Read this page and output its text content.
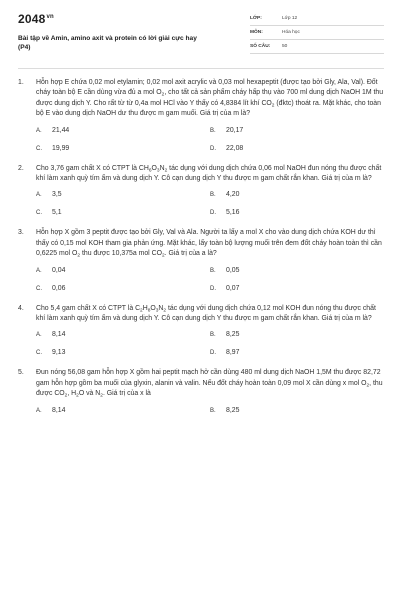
$2048^{vn}$
Bài tập về Amin, amino axit và protein có lời giải cực hay
(P4)
LỚP:	Lớp 12
MÔN:	Hóa học
SỐ CÂU:	50
1.	Hỗn hợp E chứa 0,02 mol etylamin; 0,02 mol axit acrylic và 0,03 mol hexapeptit (được tạo bởi Gly, Ala, Val). Đốt cháy toàn bộ E cần dùng vừa đủ a mol $O_2$, cho tất cả sản phẩm cháy hấp thụ vào 700 ml dung dịch NaOH 1M thu được dung dịch Y. Cho rất từ từ 0,4a mol HCl vào Y thấy có 4,8384 lít khí $CO_2$ (đktc) thoát ra. Mặt khác, cho toàn bộ E vào dung dịch NaOH dư thu được m gam muối. Giá trị của m là?
A.	21,44	B.	20,17
C.	19,99	D.	22,08
2.	Cho 3,76 gam chất X có CTPT là $CH_6O_3N_2$ tác dụng với dung dịch chứa 0,06 mol NaOH đun nóng thu được chất khí làm xanh quỳ tím ẩm và dung dịch Y. Cô cạn dung dịch Y thu được m gam chất rắn khan. Giá trị của m là?
A.	3,5	B.	4,20
C.	5,1	D.	5,16
3.	Hỗn hợp X gồm 3 peptit được tạo bởi Gly, Val và Ala. Người ta lấy a mol X cho vào dung dịch chứa KOH dư thì thấy có 0,15 mol KOH tham gia phản ứng. Mặt khác, lấy toàn bộ lượng muối trên đem đốt cháy hoàn toàn thì cần 0,6225 mol $O_2$ thu được 10,375a mol $CO_2$. Giá trị của a là?
A.	0,04	B.	0,05
C.	0,06	D.	0,07
4.	Cho 5,4 gam chất X có CTPT là $C_2H_8O_3N_2$ tác dụng với dung dịch chứa 0,12 mol KOH đun nóng thu được chất khí làm xanh quỳ tím ẩm và dung dịch Y. Cô cạn dung dịch Y thu được m gam chất rắn khan. Giá trị của m là?
A.	8,14	B.	8,25
C.	9,13	D.	8,97
5.	Đun nóng 56,08 gam hỗn hợp X gồm hai peptit mạch hở cần dùng 480 ml dung dịch NaOH 1,5M thu được 82,72 gam hỗn hợp gồm ba muối của glyxin, alanin và valin. Nếu đốt cháy hoàn toàn 0,09 mol X cần dùng x mol $O_2$, thu được $CO_2$, $H_2O$ và $N_2$. Giá trị của x là
A.	8,14	B.	8,25
